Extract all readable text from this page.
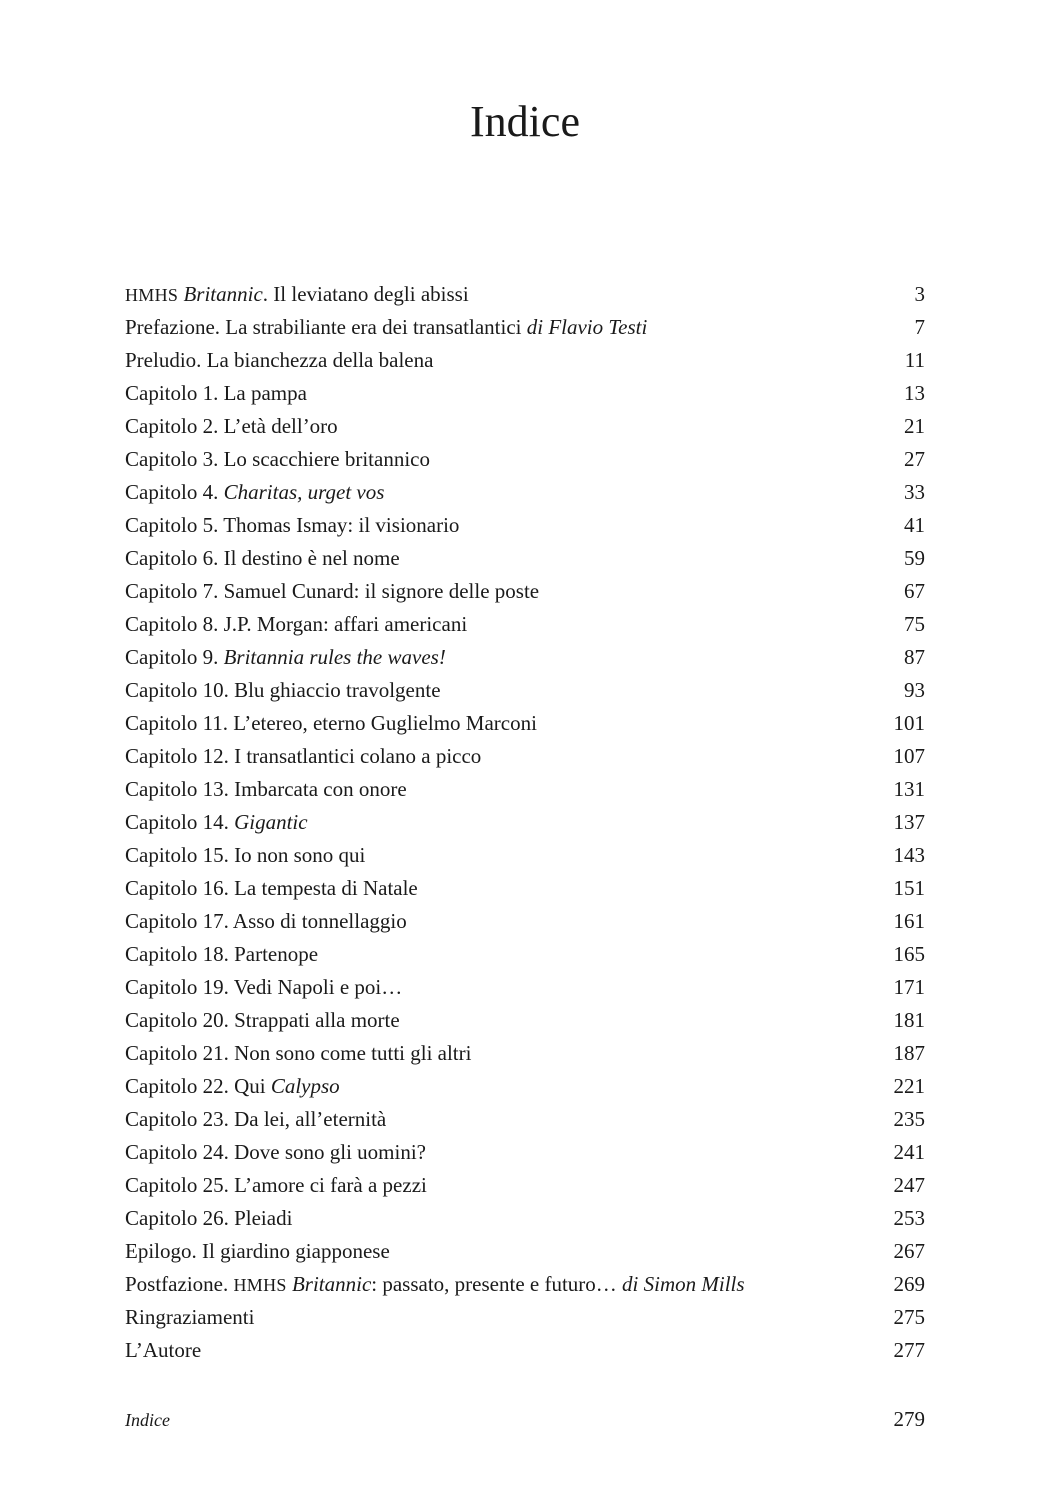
Indice
HMHS Britannic. Il leviatano degli abissi	3
Prefazione. La strabiliante era dei transatlantici di Flavio Testi	7
Preludio. La bianchezza della balena	11
Capitolo 1. La pampa	13
Capitolo 2. L’età dell’oro	21
Capitolo 3. Lo scacchiere britannico	27
Capitolo 4. Charitas, urget vos	33
Capitolo 5. Thomas Ismay: il visionario	41
Capitolo 6. Il destino è nel nome	59
Capitolo 7. Samuel Cunard: il signore delle poste	67
Capitolo 8. J.P. Morgan: affari americani	75
Capitolo 9. Britannia rules the waves!	87
Capitolo 10. Blu ghiaccio travolgente	93
Capitolo 11. L’etereo, eterno Guglielmo Marconi	101
Capitolo 12. I transatlantici colano a picco	107
Capitolo 13. Imbarcata con onore	131
Capitolo 14. Gigantic	137
Capitolo 15. Io non sono qui	143
Capitolo 16. La tempesta di Natale	151
Capitolo 17. Asso di tonnellaggio	161
Capitolo 18. Partenope	165
Capitolo 19. Vedi Napoli e poi…	171
Capitolo 20. Strappati alla morte	181
Capitolo 21. Non sono come tutti gli altri	187
Capitolo 22. Qui Calypso	221
Capitolo 23. Da lei, all’eternità	235
Capitolo 24. Dove sono gli uomini?	241
Capitolo 25. L’amore ci farà a pezzi	247
Capitolo 26. Pleiadi	253
Epilogo. Il giardino giapponese	267
Postfazione. HMHS Britannic: passato, presente e futuro… di Simon Mills	269
Ringraziamenti	275
L’Autore	277
Indice	279
